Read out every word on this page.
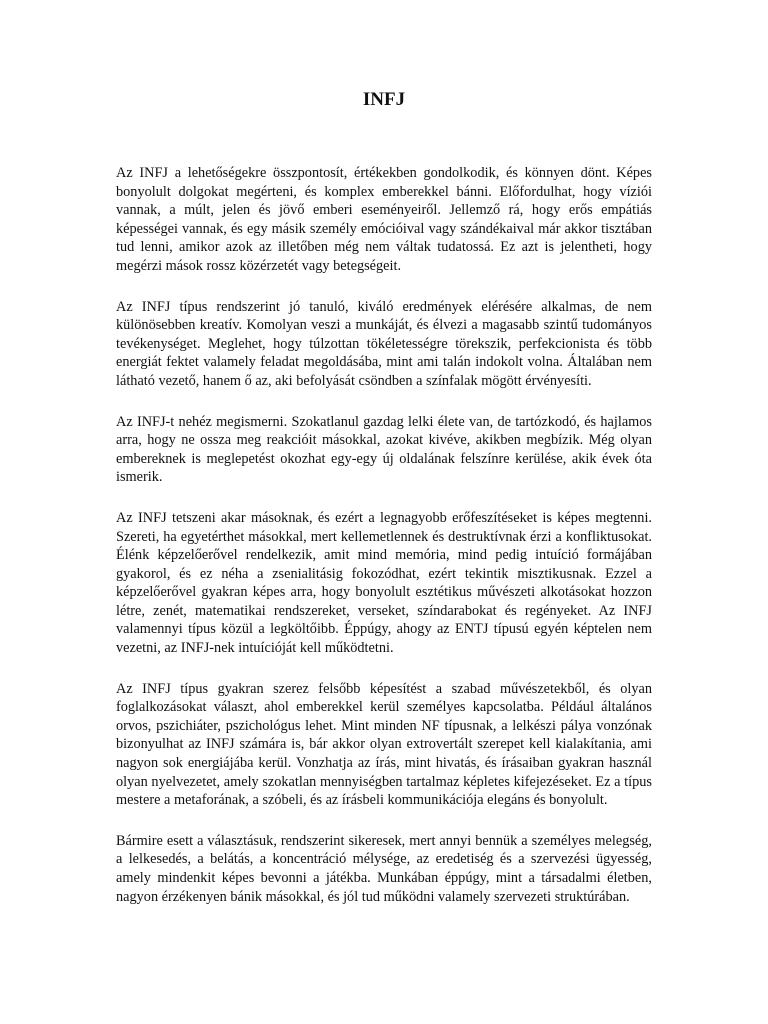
INFJ

Az INFJ a lehetőségekre összpontosít, értékekben gondolkodik, és könnyen dönt. Képes bonyolult dolgokat megérteni, és komplex emberekkel bánni. Előfordulhat, hogy víziói vannak, a múlt, jelen és jövő emberi eseményeiről. Jellemző rá, hogy erős empátiás képességei vannak, és egy másik személy emócióival vagy szándékaival már akkor tisztában tud lenni, amikor azok az illetőben még nem váltak tudatossá. Ez azt is jelentheti, hogy megérzi mások rossz közérzetét vagy betegségeit.

Az INFJ típus rendszerint jó tanuló, kiváló eredmények elérésére alkalmas, de nem különösebben kreatív. Komolyan veszi a munkáját, és élvezi a magasabb szintű tudományos tevékenységet. Meglehet, hogy túlzottan tökéletességre törekszik, perfekcionista és több energiát fektet valamely feladat megoldásába, mint ami talán indokolt volna. Általában nem látható vezető, hanem ő az, aki befolyását csöndben a színfalak mögött érvényesíti.

Az INFJ-t nehéz megismerni. Szokatlanul gazdag lelki élete van, de tartózkodó, és hajlamos arra, hogy ne ossza meg reakcióit másokkal, azokat kivéve, akikben megbízik. Még olyan embereknek is meglepetést okozhat egy-egy új oldalának felszínre kerülése, akik évek óta ismerik.

Az INFJ tetszeni akar másoknak, és ezért a legnagyobb erőfeszítéseket is képes megtenni. Szereti, ha egyetérthet másokkal, mert kellemetlennek és destruktívnak érzi a konfliktusokat. Élénk képzelőerővel rendelkezik, amit mind memória, mind pedig intuíció formájában gyakorol, és ez néha a zsenialitásig fokozódhat, ezért tekintik misztikusnak. Ezzel a képzelőerővel gyakran képes arra, hogy bonyolult esztétikus művészeti alkotásokat hozzon létre, zenét, matematikai rendszereket, verseket, színdarabokat és regényeket. Az INFJ valamennyi típus közül a legköltőibb. Éppúgy, ahogy az ENTJ típusú egyén képtelen nem vezetni, az INFJ-nek intuícióját kell működtetni.

Az INFJ típus gyakran szerez felsőbb képesítést a szabad művészetekből, és olyan foglalkozásokat választ, ahol emberekkel kerül személyes kapcsolatba. Például általános orvos, pszichiáter, pszichológus lehet. Mint minden NF típusnak, a lelkészi pálya vonzónak bizonyulhat az INFJ számára is, bár akkor olyan extrovertált szerepet kell kialakítania, ami nagyon sok energiájába kerül. Vonzhatja az írás, mint hivatás, és írásaiban gyakran használ olyan nyelvezetet, amely szokatlan mennyiségben tartalmaz képletes kifejezéseket. Ez a típus mestere a metaforának, a szóbeli, és az írásbeli kommunikációja elegáns és bonyolult.

Bármire esett a választásuk, rendszerint sikeresek, mert annyi bennük a személyes melegség, a lelkesedés, a belátás, a koncentráció mélysége, az eredetiség és a szervezési ügyesség, amely mindenkit képes bevonni a játékba. Munkában éppúgy, mint a társadalmi életben, nagyon érzékenyen bánik másokkal, és jól tud működni valamely szervezeti struktúrában.
